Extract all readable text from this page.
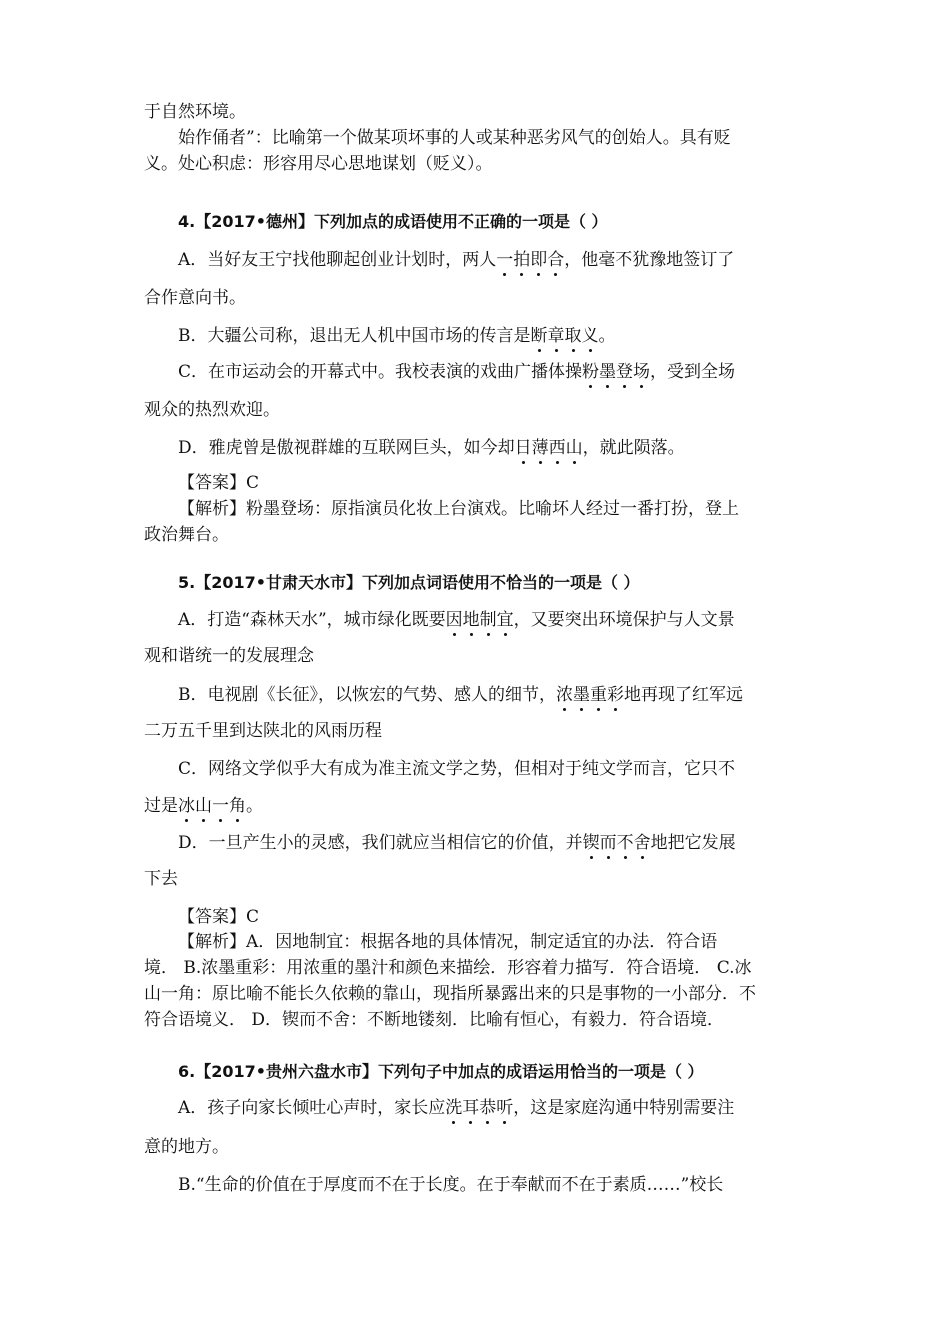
于自然环境。
始作俑者”：比喻第一个做某项坏事的人或某种恶劣风气的创始人。具有贬
义。处心积虑：形容用尽心思地谋划（贬义）。
4.【2017•德州】下列加点的成语使用不正确的一项是（ ）
A．当好友王宁找他聊起创业计划时，两人一拍即合，他毫不犹豫地签订了
合作意向书。
B．大疆公司称，退出无人机中国市场的传言是断章取义。
C．在市运动会的开幕式中。我校表演的戏曲广播体操粉墨登场，受到全场
观众的热烈欢迎。
D．雅虎曾是傲视群雄的互联网巨头，如今却日薄西山，就此陨落。
【答案】C
【解析】粉墨登场：原指演员化妆上台演戏。比喻坏人经过一番打扮，登上
政治舞台。
5.【2017•甘肃天水市】下列加点词语使用不恰当的一项是（ ）
A．打造“森林天水”，城市绿化既要因地制宜，又要突出环境保护与人文景
观和谐统一的发展理念
B．电视剧《长征》，以恢宏的气势、感人的细节，浓墨重彩地再现了红军远
二万五千里到达陕北的风雨历程
C．网络文学似乎大有成为准主流文学之势，但相对于纯文学而言，它只不
过是冰山一角。
D．一旦产生小的灵感，我们就应当相信它的价值，并锲而不舍地把它发展
下去
【答案】C
【解析】A．因地制宜：根据各地的具体情况，制定适宜的办法．符合语
境． B.浓墨重彩：用浓重的墨汁和颜色来描绘．形容着力描写．符合语境． C.冰
山一角：原比喻不能长久依赖的靠山，现指所暴露出来的只是事物的一小部分．不
符合语境义． D．锲而不舍：不断地镂刻．比喻有恒心，有毅力．符合语境．
6.【2017•贵州六盘水市】下列句子中加点的成语运用恰当的一项是（ ）
A．孩子向家长倾吐心声时，家长应洗耳恭听，这是家庭沟通中特别需要注
意的地方。
B.“生命的价值在于厚度而不在于长度。在于奉献而不在于素质……”校长
